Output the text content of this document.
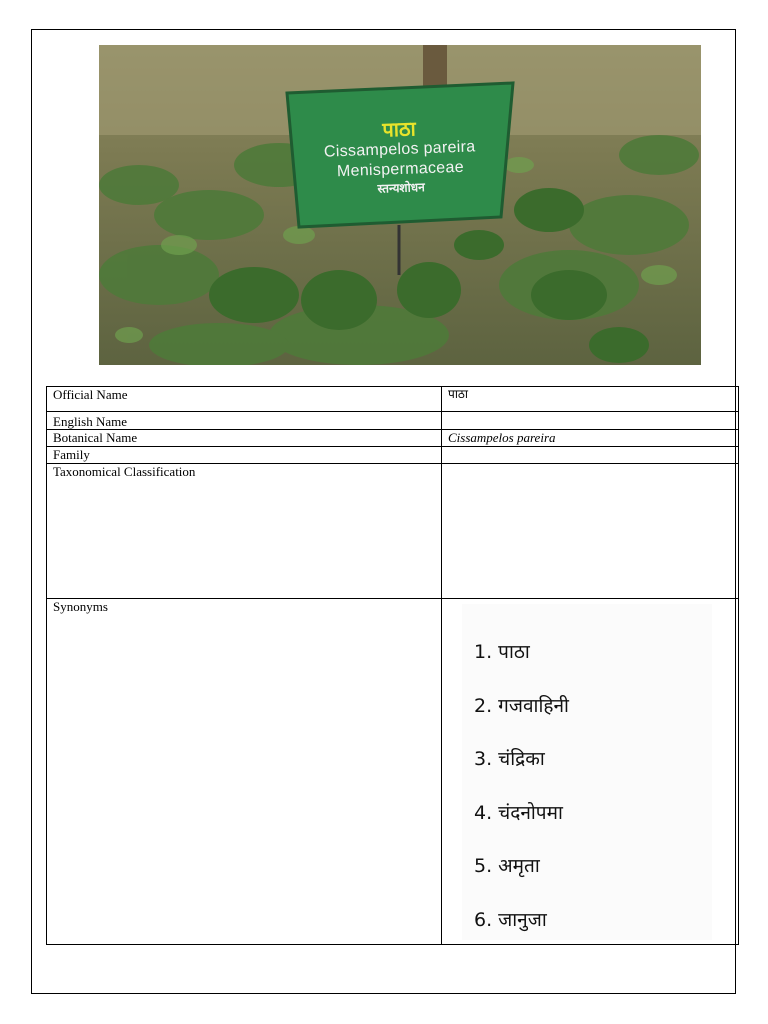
पाठा
Cissampelos pareira
Menispermaceae
स्तन्यशोधन
Official Name	पाठा
English Name	
Botanical Name	Cissampelos pareira
Family	
Taxonomical Classification	
Synonyms	
1. पाठा
2. गजवाहिनी
3. चंद्रिका
4. चंदनोपमा
5. अमृता
6. जानुजा
